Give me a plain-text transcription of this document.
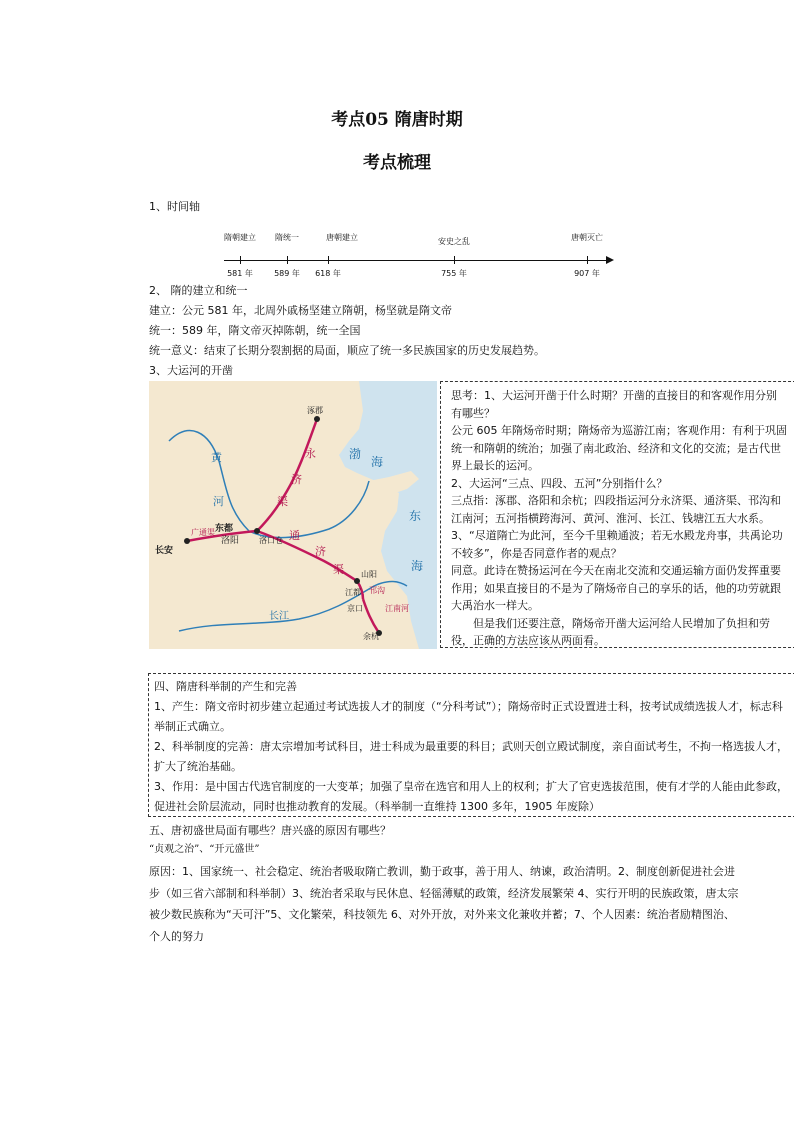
考点05 隋唐时期
考点梳理
1、时间轴
隋朝建立
581 年
隋统一
589 年
唐朝建立
618 年
安史之乱
755 年
唐朝灭亡
907 年
2、 隋的建立和统一
建立：公元 581 年，北周外戚杨坚建立隋朝，杨坚就是隋文帝
统一：589 年，隋文帝灭掉陈朝，统一全国
统一意义：结束了长期分裂割据的局面，顺应了统一多民族国家的历史发展趋势。
3、大运河的开凿
涿郡
渤
海
东
海
黄
河
永
济
渠
通
济
渠
广通渠
长安
东都
洛阳 洛口仓
山阳
邗沟
江都
京口	江南河
长江
余杭

思考：1、大运河开凿于什么时期？开凿的直接目的和客观作用分别有哪些？

公元 605 年隋炀帝时期；隋炀帝为巡游江南；客观作用：有利于巩固统一和隋朝的统治；加强了南北政治、经济和文化的交流；是古代世界上最长的运河。

2、大运河“三点、四段、五河”分别指什么？

三点指：涿郡、洛阳和余杭；四段指运河分永济渠、通济渠、邗沟和江南河；五河指横跨海河、黄河、淮河、长江、钱塘江五大水系。

3、“尽道隋亡为此河，至今千里赖通波；若无水殿龙舟事，共禹论功不较多”，你是否同意作者的观点？

同意。此诗在赞扬运河在今天在南北交流和交通运输方面仍发挥重要作用；如果直接目的不是为了隋炀帝自己的享乐的话，他的功劳就跟大禹治水一样大。

但是我们还要注意，隋炀帝开凿大运河给人民增加了负担和劳役，正确的方法应该从两面看。

四、隋唐科举制的产生和完善

1、产生：隋文帝时初步建立起通过考试选拔人才的制度（“分科考试”）；隋炀帝时正式设置进士科，按考试成绩选拔人才，标志科举制正式确立。

2、科举制度的完善：唐太宗增加考试科目，进士科成为最重要的科目；武则天创立殿试制度，亲自面试考生，不拘一格选拔人才，扩大了统治基础。

3、作用：是中国古代选官制度的一大变革；加强了皇帝在选官和用人上的权利；扩大了官吏选拔范围，使有才学的人能由此参政，促进社会阶层流动，同时也推动教育的发展。（科举制一直维持 1300 多年，1905 年废除）

五、唐初盛世局面有哪些？唐兴盛的原因有哪些？
“贞观之治”、“开元盛世”
原因：1、国家统一、社会稳定、统治者吸取隋亡教训，勤于政事，善于用人、纳谏，政治清明。2、制度创新促进社会进步（如三省六部制和科举制）3、统治者采取与民休息、轻徭薄赋的政策，经济发展繁荣 4、实行开明的民族政策，唐太宗被少数民族称为“天可汗”5、文化繁荣，科技领先 6、对外开放，对外来文化兼收并蓄；7、个人因素：统治者励精图治、个人的努力
